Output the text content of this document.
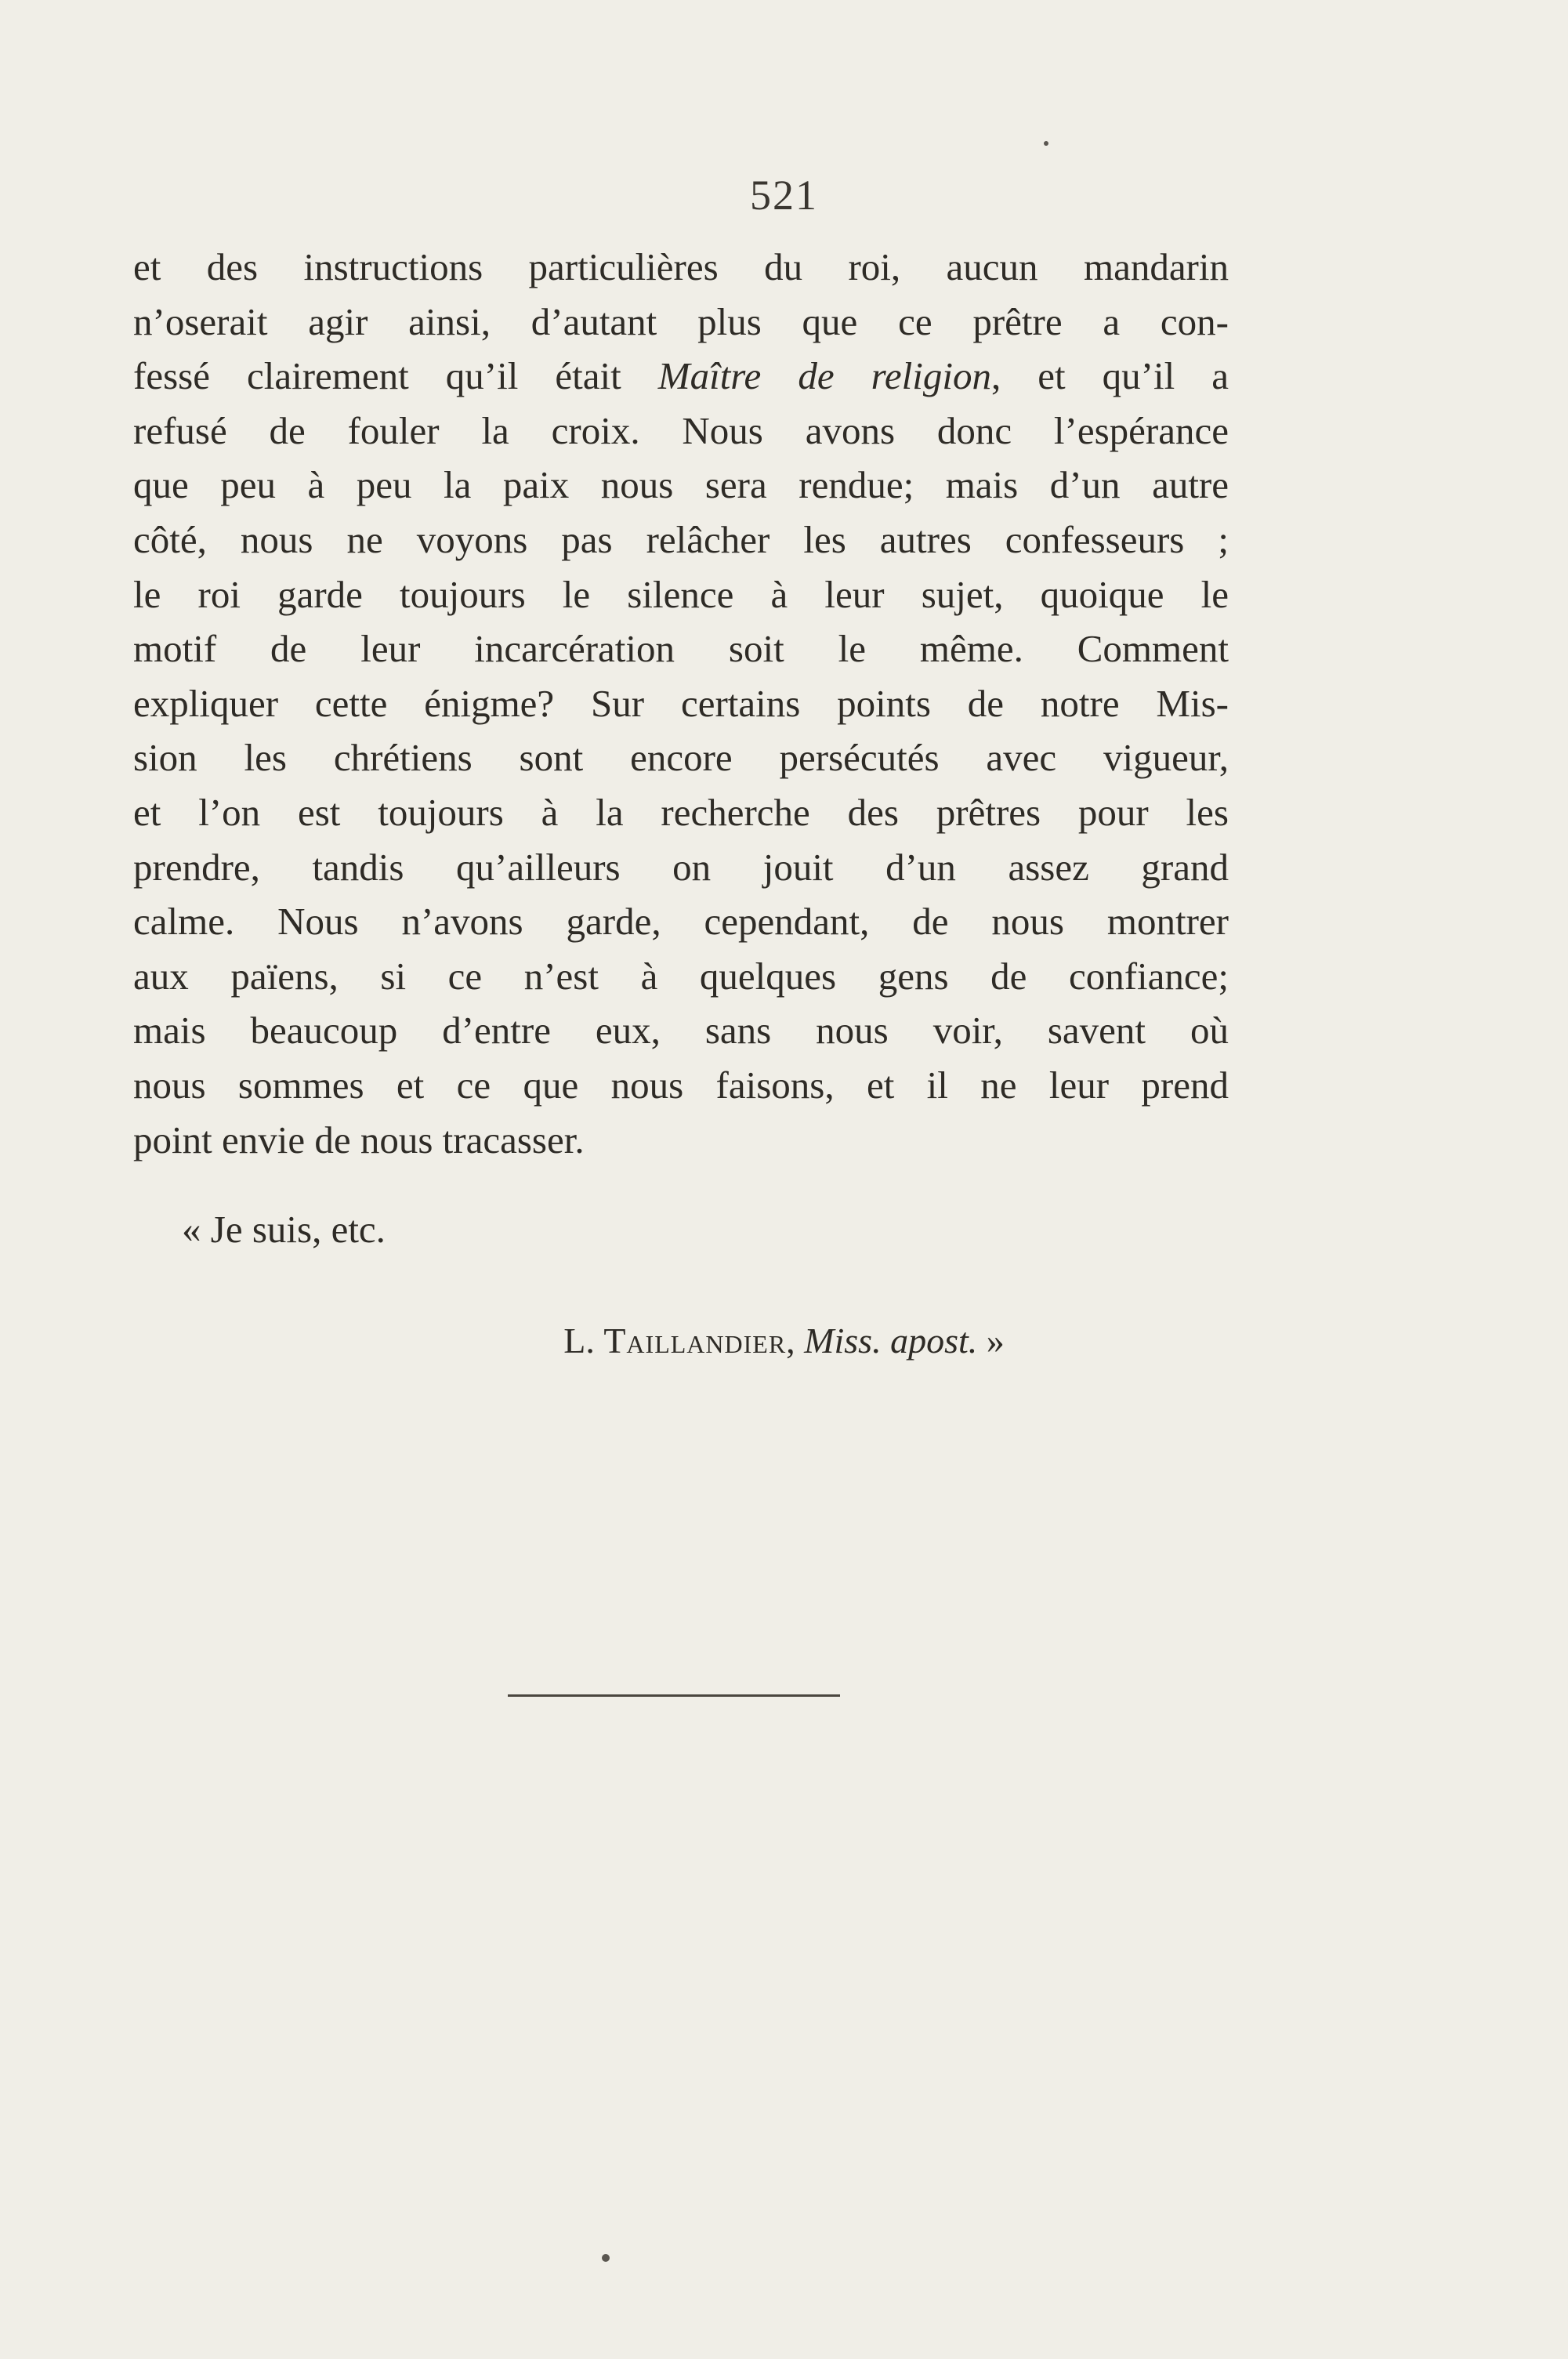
521
et des instructions particulières du roi, aucun mandarin
n’oserait agir ainsi, d’autant plus que ce prêtre a con-
fessé clairement qu’il était Maître de religion, et qu’il a
refusé de fouler la croix. Nous avons donc l’espérance
que peu à peu la paix nous sera rendue; mais d’un autre
côté, nous ne voyons pas relâcher les autres confesseurs ;
le roi garde toujours le silence à leur sujet, quoique le
motif de leur incarcération soit le même. Comment
expliquer cette énigme? Sur certains points de notre Mis-
sion les chrétiens sont encore persécutés avec vigueur,
et l’on est toujours à la recherche des prêtres pour les
prendre, tandis qu’ailleurs on jouit d’un assez grand
calme. Nous n’avons garde, cependant, de nous montrer
aux païens, si ce n’est à quelques gens de confiance;
mais beaucoup d’entre eux, sans nous voir, savent où
nous sommes et ce que nous faisons, et il ne leur prend
point envie de nous tracasser.
« Je suis, etc.
L. Taillandier, Miss. apost. »
